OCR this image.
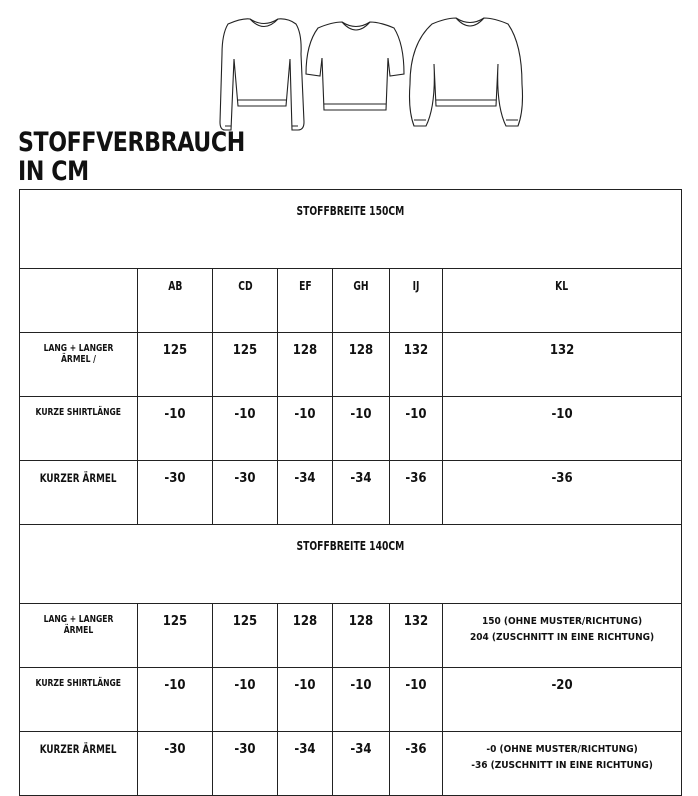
STOFFVERBRAUCH
IN CM
STOFFBREITE 150CM						
	AB	CD	EF	GH	IJ	KL
LANG + LANGER ÄRMEL /	125	125	128	128	132	132
KURZE SHIRTLÄNGE	-10	-10	-10	-10	-10	-10
KURZER ÄRMEL	-30	-30	-34	-34	-36	-36
STOFFBREITE 140CM						
LANG + LANGER ÄRMEL	125	125	128	128	132	150 (OHNE MUSTER/RICHTUNG)
204 (ZUSCHNITT IN EINE RICHTUNG)

KURZE SHIRTLÄNGE	-10	-10	-10	-10	-10	-20
KURZER ÄRMEL	-30	-30	-34	-34	-36	-0 (OHNE MUSTER/RICHTUNG)
-36 (ZUSCHNITT IN EINE RICHTUNG)
